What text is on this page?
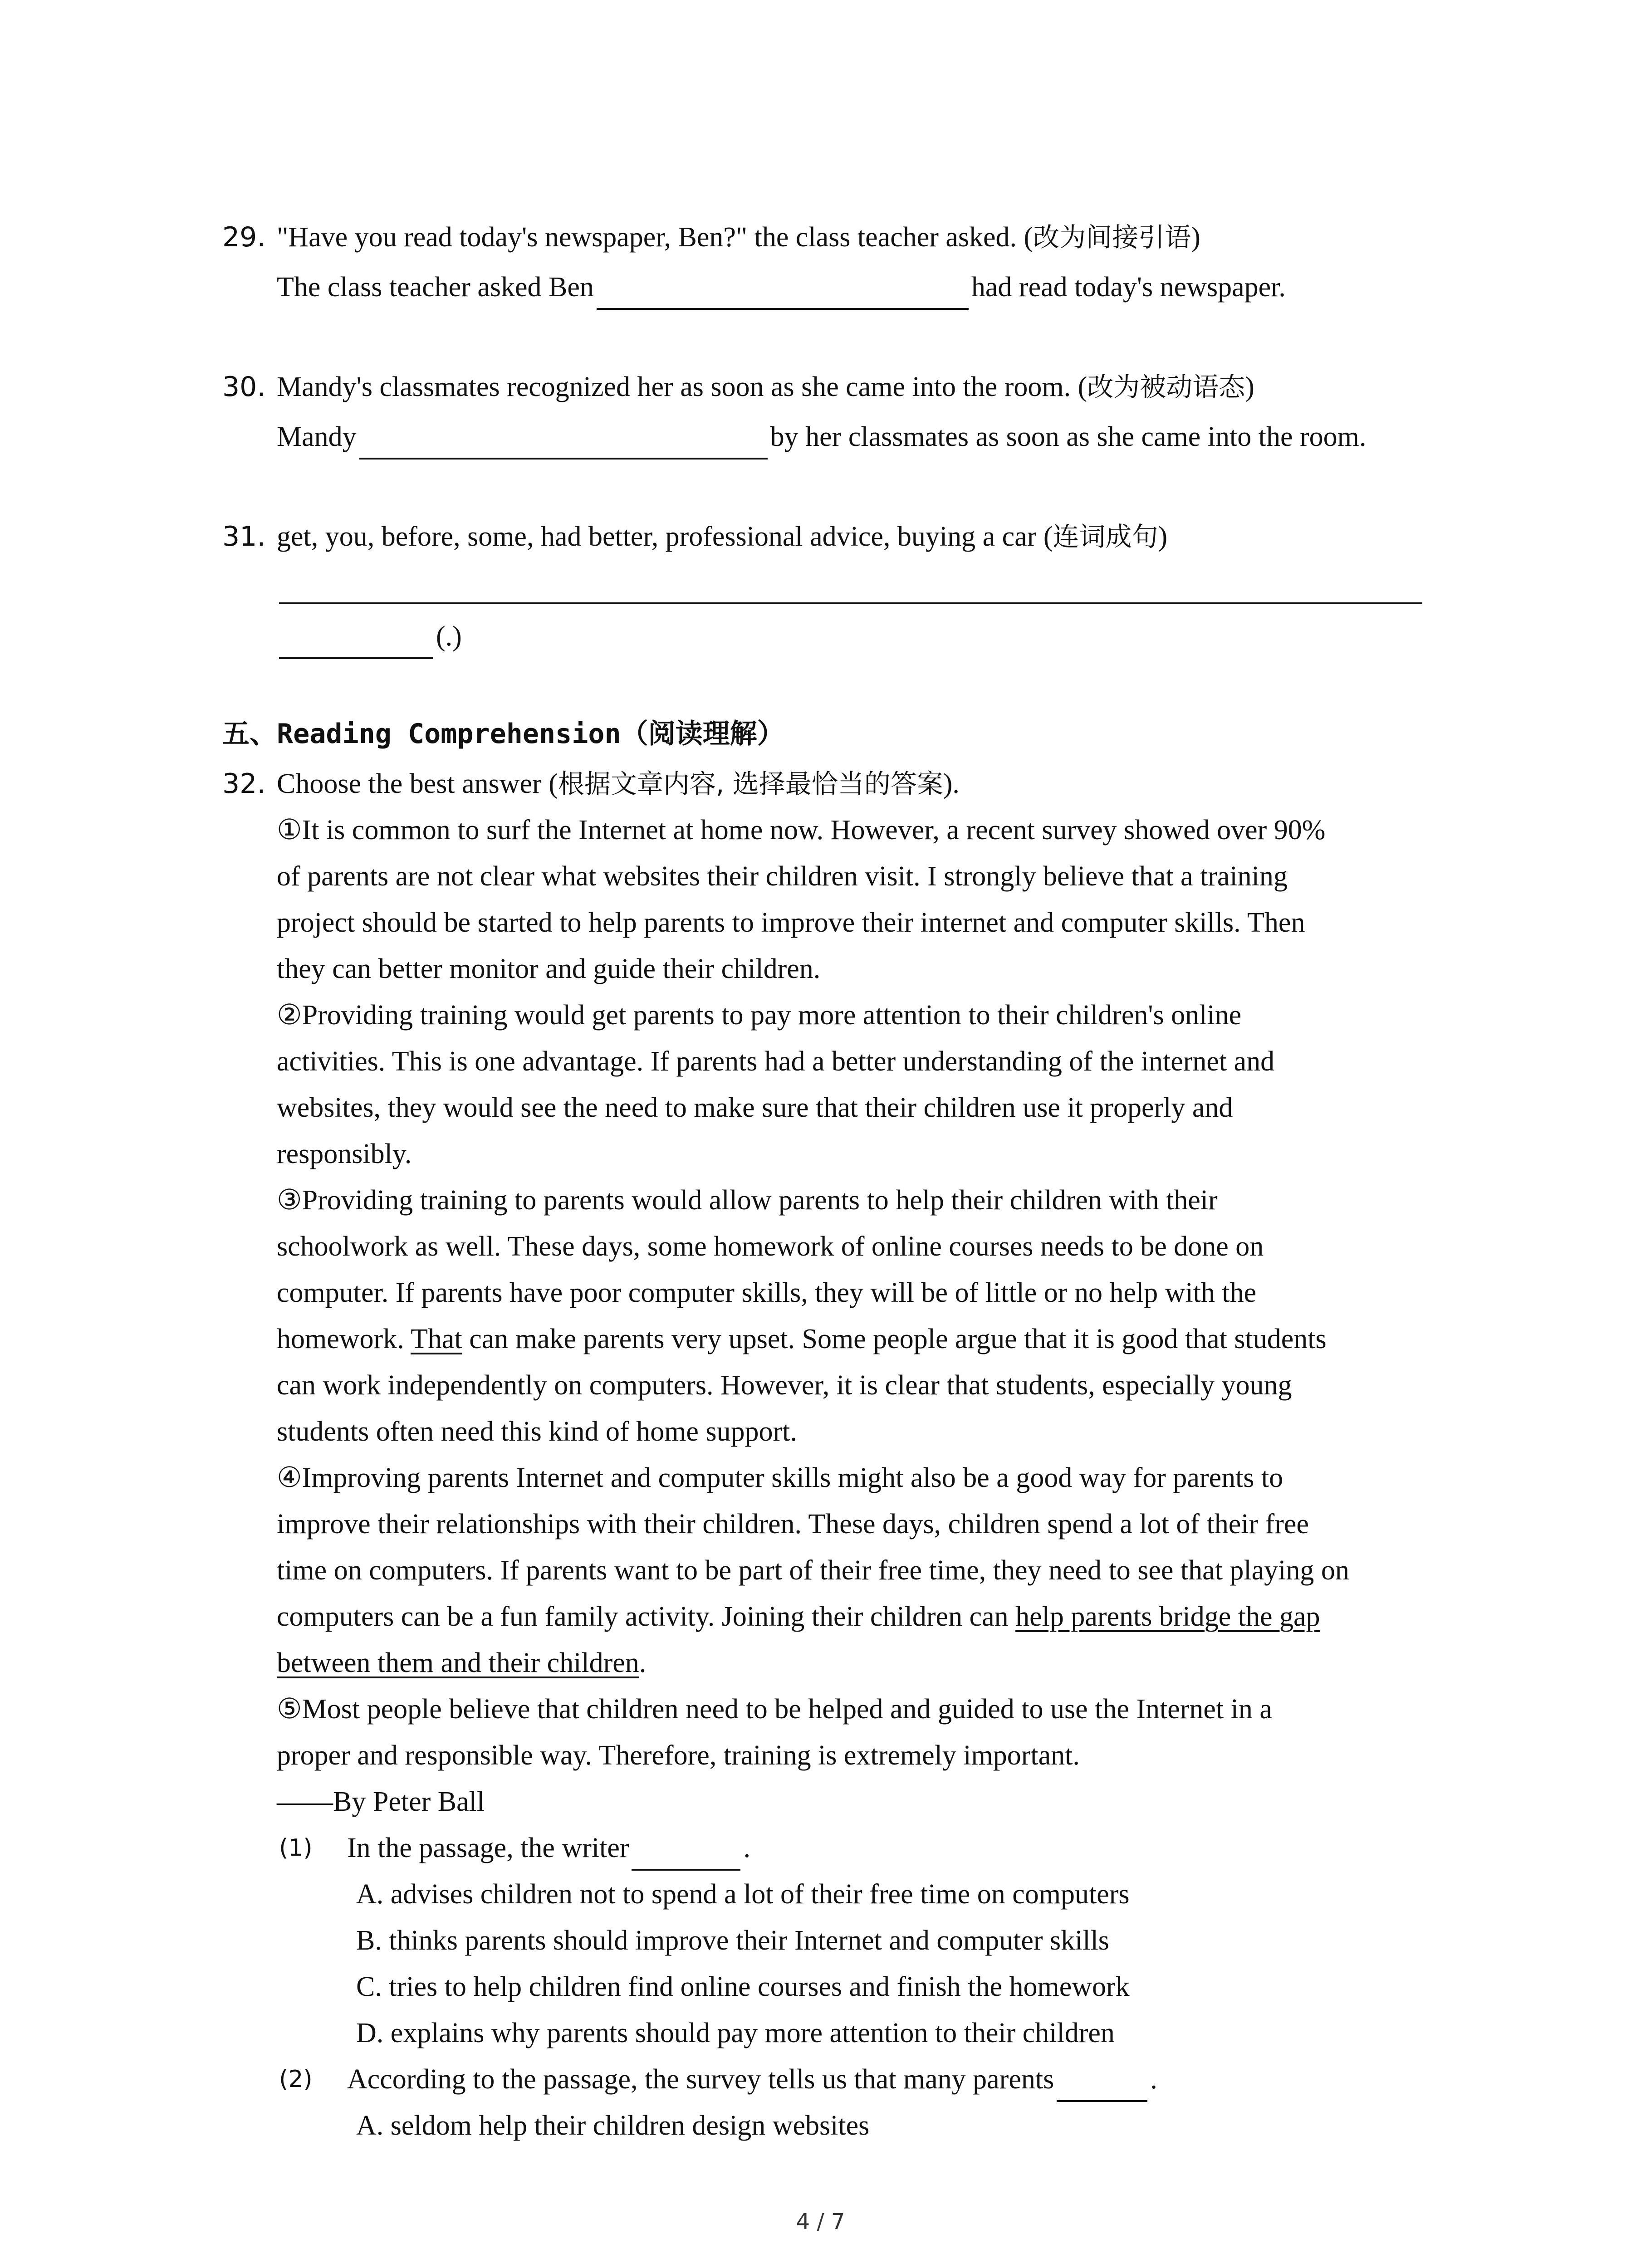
29. "Have you read today's newspaper, Ben?" the class teacher asked. (改为间接引语)
The class teacher asked Ben	had read today's newspaper.
30. Mandy's classmates recognized her as soon as she came into the room. (改为被动语态)
Mandy	by her classmates as soon as she came into the room.
31. get, you, before, some, had better, professional advice, buying a car (连词成句)
(.)
五、Reading Comprehension（阅读理解）
32. Choose the best answer (根据文章内容, 选择最恰当的答案).
①It is common to surf the Internet at home now. However, a recent survey showed over 90%
of parents are not clear what websites their children visit. I strongly believe that a training
project should be started to help parents to improve their internet and computer skills. Then
they can better monitor and guide their children.
②Providing training would get parents to pay more attention to their children's online
activities. This is one advantage. If parents had a better understanding of the internet and
websites, they would see the need to make sure that their children use it properly and
responsibly.
③Providing training to parents would allow parents to help their children with their
schoolwork as well. These days, some homework of online courses needs to be done on
computer. If parents have poor computer skills, they will be of little or no help with the
homework. That can make parents very upset. Some people argue that it is good that students
can work independently on computers. However, it is clear that students, especially young
students often need this kind of home support.
④Improving parents Internet and computer skills might also be a good way for parents to
improve their relationships with their children. These days, children spend a lot of their free
time on computers. If parents want to be part of their free time, they need to see that playing on
computers can be a fun family activity. Joining their children can help parents bridge the gap
between them and their children.
⑤Most people believe that children need to be helped and guided to use the Internet in a
proper and responsible way. Therefore, training is extremely important.
——By Peter Ball
(1) In the passage, the writer	.
A. advises children not to spend a lot of their free time on computers
B. thinks parents should improve their Internet and computer skills
C. tries to help children find online courses and finish the homework
D. explains why parents should pay more attention to their children
(2) According to the passage, the survey tells us that many parents	.
A. seldom help their children design websites
4 / 7
